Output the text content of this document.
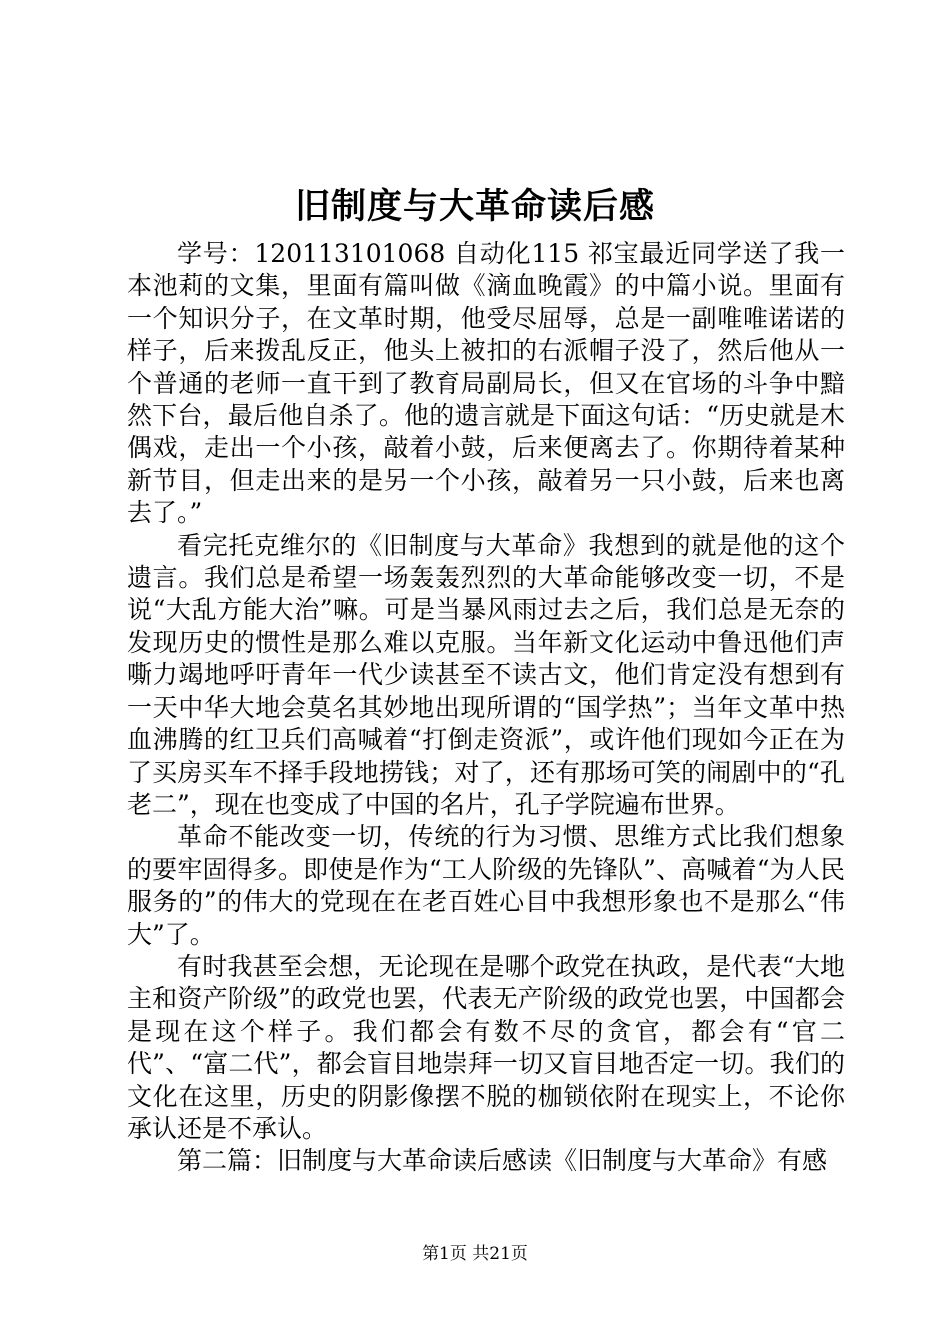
旧制度与大革命读后感

学号：120113101068 自动化115 祁宝最近同学送了我一本池莉的文集，里面有篇叫做《滴血晚霞》的中篇小说。里面有一个知识分子，在文革时期，他受尽屈辱，总是一副唯唯诺诺的样子，后来拨乱反正，他头上被扣的右派帽子没了，然后他从一个普通的老师一直干到了教育局副局长，但又在官场的斗争中黯然下台，最后他自杀了。他的遗言就是下面这句话：“历史就是木偶戏，走出一个小孩，敲着小鼓，后来便离去了。你期待着某种新节目，但走出来的是另一个小孩，敲着另一只小鼓，后来也离去了。”

看完托克维尔的《旧制度与大革命》我想到的就是他的这个遗言。我们总是希望一场轰轰烈烈的大革命能够改变一切，不是说“大乱方能大治”嘛。可是当暴风雨过去之后，我们总是无奈的发现历史的惯性是那么难以克服。当年新文化运动中鲁迅他们声嘶力竭地呼吁青年一代少读甚至不读古文，他们肯定没有想到有一天中华大地会莫名其妙地出现所谓的“国学热”；当年文革中热血沸腾的红卫兵们高喊着“打倒走资派”，或许他们现如今正在为了买房买车不择手段地捞钱；对了，还有那场可笑的闹剧中的“孔老二”，现在也变成了中国的名片，孔子学院遍布世界。

革命不能改变一切，传统的行为习惯、思维方式比我们想象的要牢固得多。即使是作为“工人阶级的先锋队”、高喊着“为人民服务的”的伟大的党现在在老百姓心目中我想形象也不是那么“伟大”了。

有时我甚至会想，无论现在是哪个政党在执政，是代表“大地主和资产阶级”的政党也罢，代表无产阶级的政党也罢，中国都会是现在这个样子。我们都会有数不尽的贪官，都会有“官二代”、“富二代”，都会盲目地崇拜一切又盲目地否定一切。我们的文化在这里，历史的阴影像摆不脱的枷锁依附在现实上，不论你承认还是不承认。

第二篇：旧制度与大革命读后感读《旧制度与大革命》有感

第1页 共21页
